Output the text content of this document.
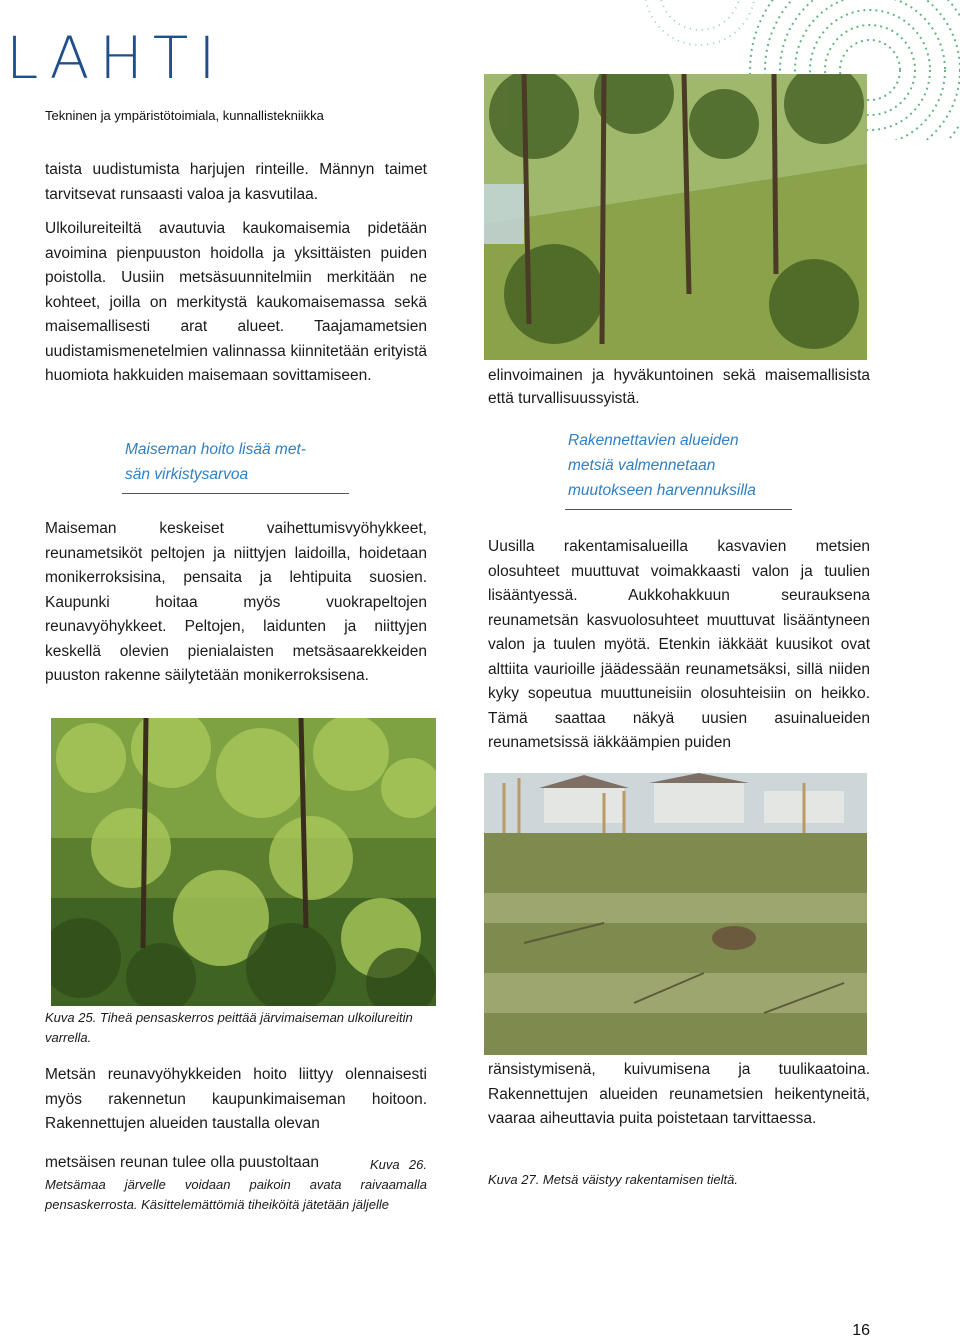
LAHTI
Tekninen ja ympäristötoimiala, kunnallistekniikka

taista uudistumista harjujen rinteille. Männyn taimet tarvitsevat runsaasti valoa ja kasvutilaa.

Ulkoilureiteiltä avautuvia kaukomaisemia pidetään avoimina pienpuuston hoidolla ja yksittäisten puiden poistolla. Uusiin metsäsuunnitelmiin merkitään ne kohteet, joilla on merkitystä kaukomaisemassa sekä maisemallisesti arat alueet. Taajamametsien uudistamismenetelmien valinnassa kiinnitetään erityistä huomiota hakkuiden maisemaan sovittamiseen.

Maiseman hoito lisää met-
sän virkistysarvoa

Maiseman keskeiset vaihettumisvyöhykkeet, reunametsiköt peltojen ja niittyjen laidoilla, hoidetaan monikerroksisina, pensaita ja lehtipuita suosien. Kaupunki hoitaa myös vuokrapeltojen reunavyöhykkeet. Peltojen, laidunten ja niittyjen keskellä olevien pienialaisten metsäsaarekkeiden puuston rakenne säilytetään monikerroksisena.

Kuva 25. Tiheä pensaskerros peittää järvimaiseman ulkoilureitin varrella.

Metsän reunavyöhykkeiden hoito liittyy olennaisesti myös rakennetun kaupunkimaiseman hoitoon. Rakennettujen alueiden taustalla olevan

metsäisen reunan tulee olla puustoltaan	Kuva 26. Metsämaa järvelle voidaan paikoin avata raivaamalla pensaskerrosta. Käsittelemättömiä tiheiköitä jätetään jäljelle

elinvoimainen ja hyväkuntoinen sekä maisemallisista että turvallisuussyistä.

Rakennettavien alueiden
metsiä valmennetaan
muutokseen harvennuksilla

Uusilla rakentamisalueilla kasvavien metsien olosuhteet muuttuvat voimakkaasti valon ja tuulien lisääntyessä. Aukkohakkuun seurauksena reunametsän kasvuolosuhteet muuttuvat lisääntyneen valon ja tuulen myötä. Etenkin iäkkäät kuusikot ovat alttiita vaurioille jäädessään reunametsäksi, sillä niiden kyky sopeutua muuttuneisiin olosuhteisiin on heikko. Tämä saattaa näkyä uusien asuinalueiden reunametsissä iäkkäämpien puiden

ränsistymisenä, kuivumisena ja tuulikaatoina. Rakennettujen alueiden reunametsien heikentyneitä, vaaraa aiheuttavia puita poistetaan tarvittaessa.

Kuva 27. Metsä väistyy rakentamisen tieltä.
16
